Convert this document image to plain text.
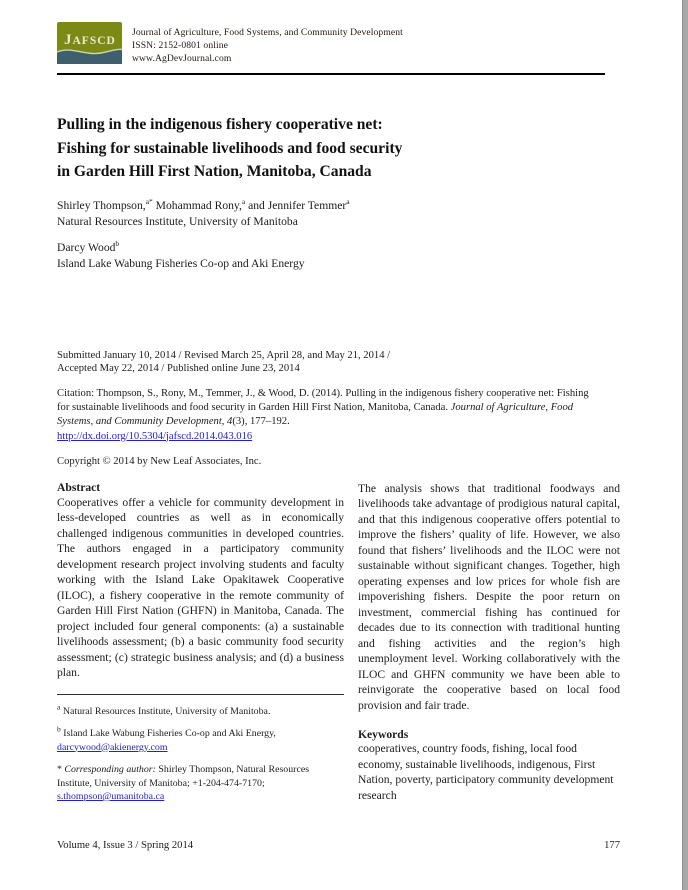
JAFSCD
Journal of Agriculture, Food Systems, and Community Development
ISSN: 2152-0801 online
www.AgDevJournal.com
Pulling in the indigenous fishery cooperative net:
Fishing for sustainable livelihoods and food security
in Garden Hill First Nation, Manitoba, Canada
Shirley Thompson,$^{a*}$ Mohammad Rony,$^a$ and Jennifer Temmer$^a$
Natural Resources Institute, University of Manitoba
Darcy Wood$^b$
Island Lake Wabung Fisheries Co-op and Aki Energy
Submitted January 10, 2014 / Revised March 25, April 28, and May 21, 2014 /
Accepted May 22, 2014 / Published online June 23, 2014
Citation: Thompson, S., Rony, M., Temmer, J., & Wood, D. (2014). Pulling in the indigenous fishery cooperative net: Fishing for sustainable livelihoods and food security in Garden Hill First Nation, Manitoba, Canada. Journal of Agriculture, Food Systems, and Community Development, 4(3), 177–192.
http://dx.doi.org/10.5304/jafscd.2014.043.016
Copyright © 2014 by New Leaf Associates, Inc.
Abstract
Cooperatives offer a vehicle for community development in less-developed countries as well as in economically challenged indigenous communities in developed countries. The authors engaged in a participatory community development research project involving students and faculty working with the Island Lake Opakitawek Cooperative (ILOC), a fishery cooperative in the remote community of Garden Hill First Nation (GHFN) in Manitoba, Canada. The project included four general components: (a) a sustainable livelihoods assessment; (b) a basic community food security assessment; (c) strategic business analysis; and (d) a business plan.
$^a$ Natural Resources Institute, University of Manitoba.
$^b$ Island Lake Wabung Fisheries Co-op and Aki Energy,
darcywood@akienergy.com
* Corresponding author: Shirley Thompson, Natural Resources Institute, University of Manitoba; +1-204-474-7170;
s.thompson@umanitoba.ca
The analysis shows that traditional foodways and livelihoods take advantage of prodigious natural capital, and that this indigenous cooperative offers potential to improve the fishers’ quality of life. However, we also found that fishers’ livelihoods and the ILOC were not sustainable without significant changes. Together, high operating expenses and low prices for whole fish are impoverishing fishers. Despite the poor return on investment, commercial fishing has continued for decades due to its connection with traditional hunting and fishing activities and the region’s high unemployment level. Working collaboratively with the ILOC and GHFN community we have been able to reinvigorate the cooperative based on local food provision and fair trade.
Keywords
cooperatives, country foods, fishing, local food economy, sustainable livelihoods, indigenous, First Nation, poverty, participatory community development research
Volume 4, Issue 3 / Spring 2014	177
